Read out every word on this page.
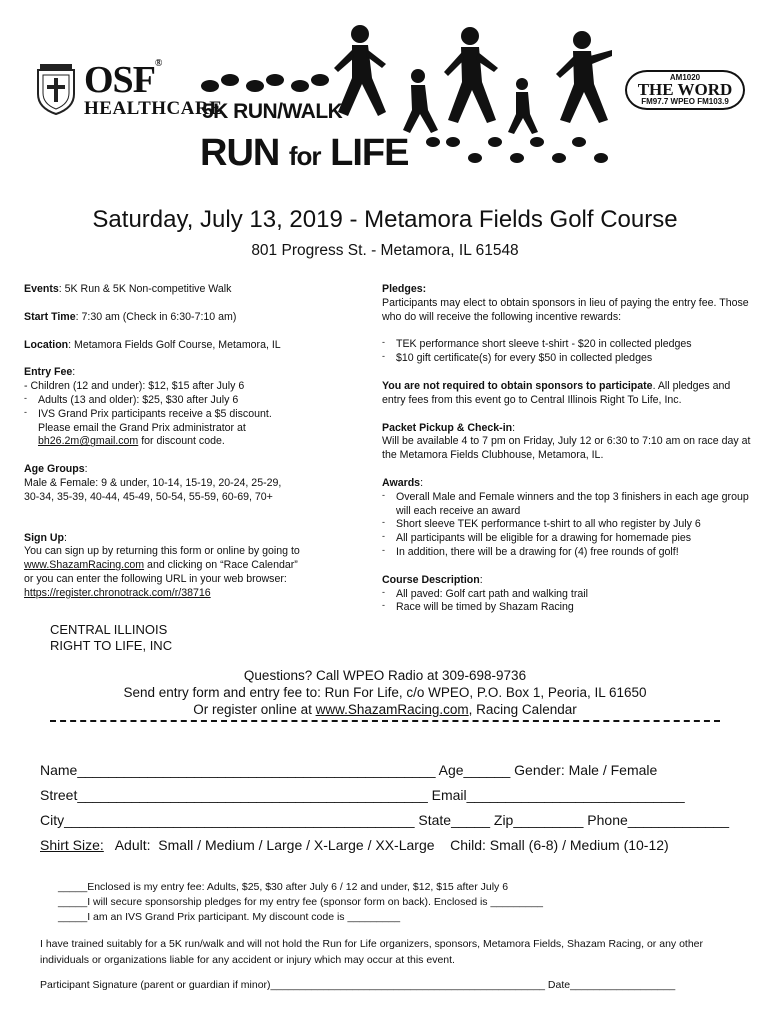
OSF®
HEALTHCARE
5K RUN/WALK
RUN for LIFE
AM1020
THE WORD
FM97.7 WPEO FM103.9
Saturday, July 13, 2019 - Metamora Fields Golf Course
801 Progress St. - Metamora, IL 61548
Events: 5K Run & 5K Non-competitive Walk
Start Time: 7:30 am (Check in 6:30-7:10 am)
Location: Metamora Fields Golf Course, Metamora, IL

Entry Fee:

- Children (12 and under): $12, $15 after July 6

- Adults (13 and older): $25, $30 after July 6

- IVS Grand Prix participants receive a $5 discount.

Please email the Grand Prix administrator at

bh26.2m@gmail.com for discount code.

Age Groups:

Male & Female: 9 & under, 10-14, 15-19, 20-24, 25-29,

30-34, 35-39, 40-44, 45-49, 50-54, 55-59, 60-69, 70+

Sign Up:

You can sign up by returning this form or online by going to

www.ShazamRacing.com and clicking on “Race Calendar”

or you can enter the following URL in your web browser:

https://register.chronotrack.com/r/38716

CENTRAL ILLINOIS
RIGHT TO LIFE, INC

Pledges:

Participants may elect to obtain sponsors in lieu of paying the entry fee. Those who do will receive the following incentive rewards:

- TEK performance short sleeve t-shirt - $20 in collected pledges

- $10 gift certificate(s) for every $50 in collected pledges

You are not required to obtain sponsors to participate. All pledges and entry fees from this event go to Central Illinois Right To Life, Inc.

Packet Pickup & Check-in:

Will be available 4 to 7 pm on Friday, July 12 or 6:30 to 7:10 am on race day at the Metamora Fields Clubhouse, Metamora, IL.

Awards:

- Overall Male and Female winners and the top 3 finishers in each age group will each receive an award

- Short sleeve TEK performance t-shirt to all who register by July 6

- All participants will be eligible for a drawing for homemade pies

- In addition, there will be a drawing for (4) free rounds of golf!

Course Description:

- All paved: Golf cart path and walking trail

- Race will be timed by Shazam Racing

Questions? Call WPEO Radio at 309-698-9736
Send entry form and entry fee to: Run For Life, c/o WPEO, P.O. Box 1, Peoria, IL 61650
Or register online at www.ShazamRacing.com, Racing Calendar
Name______________________________________________ Age______ Gender: Male / Female
Street_____________________________________________ Email____________________________
City_____________________________________________ State_____ Zip_________ Phone_____________
Shirt Size:   Adult:  Small / Medium / Large / X-Large / XX-Large    Child: Small (6-8) / Medium (10-12)
_____Enclosed is my entry fee: Adults, $25, $30 after July 6 / 12 and under, $12, $15 after July 6
_____I will secure sponsorship pledges for my entry fee (sponsor form on back). Enclosed is _________
_____I am an IVS Grand Prix participant. My discount code is _________
I have trained suitably for a 5K run/walk and will not hold the Run for Life organizers, sponsors, Metamora Fields, Shazam Racing, or any other individuals or organizations liable for any accident or injury which may occur at this event.
Participant Signature (parent or guardian if minor)_______________________________________________ Date__________________
